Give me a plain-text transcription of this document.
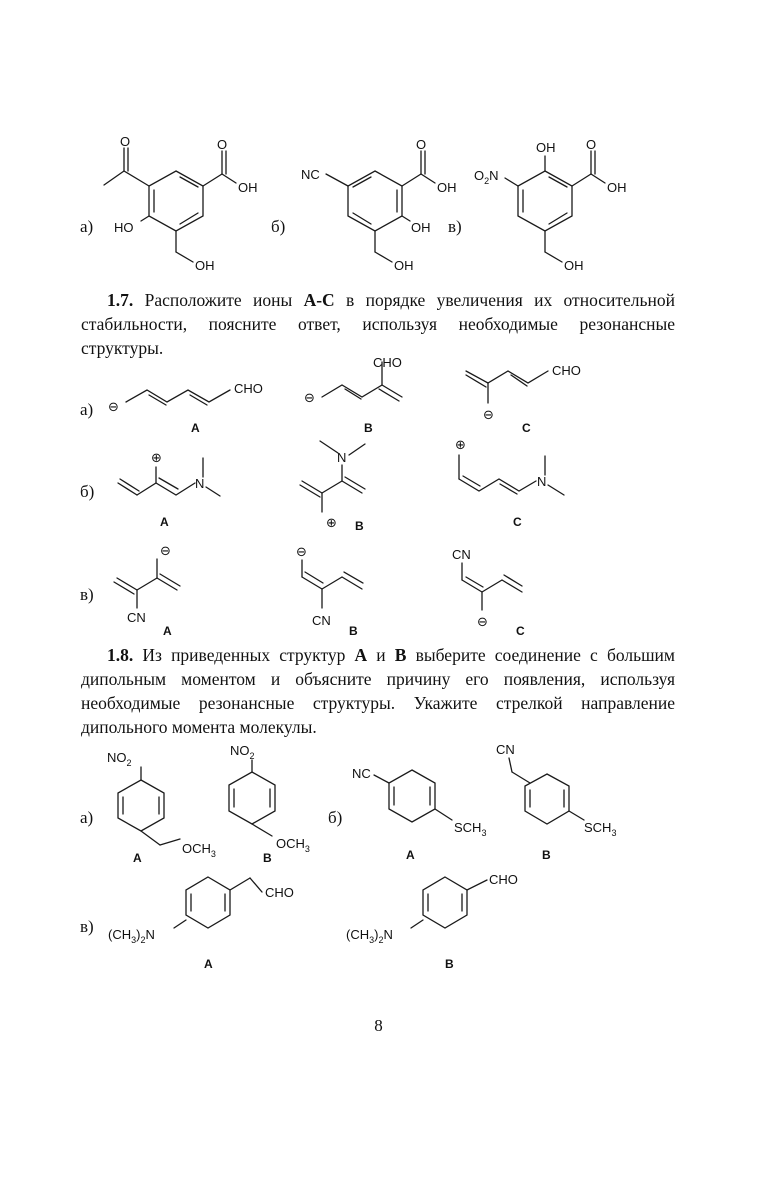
а)
O	O
OH
HO
OH
б)
NC
O
OH
OH
OH
в)
OH
$O_2N$
O
OH
OH
1.7. Расположите ионы A-C в порядке увеличения их относительной стабильности, поясните ответ, используя необходимые резонансные структуры.
а) ⊖
CHO
A
⊖
CHO
B
⊖
CHO
C
б)
⊕
N
A
N
⊕ B
⊕
N
C
в)
⊖
CN
A
⊖
CN
B
CN
⊖
C
1.8. Из приведенных структур A и B выберите соединение с большим дипольным моментом и объясните причину его появления, используя необходимые резонансные структуры. Укажите стрелкой направление дипольного момента молекулы.
а)
$NO_2$
$OCH_3$
A
$NO_2$
$OCH_3$
B
б)
NC
$SCH_3$
A
CN
$SCH_3$
B
в) $(CH_3)_2N$
CHO
A
$(CH_3)_2N$
CHO
B
8
